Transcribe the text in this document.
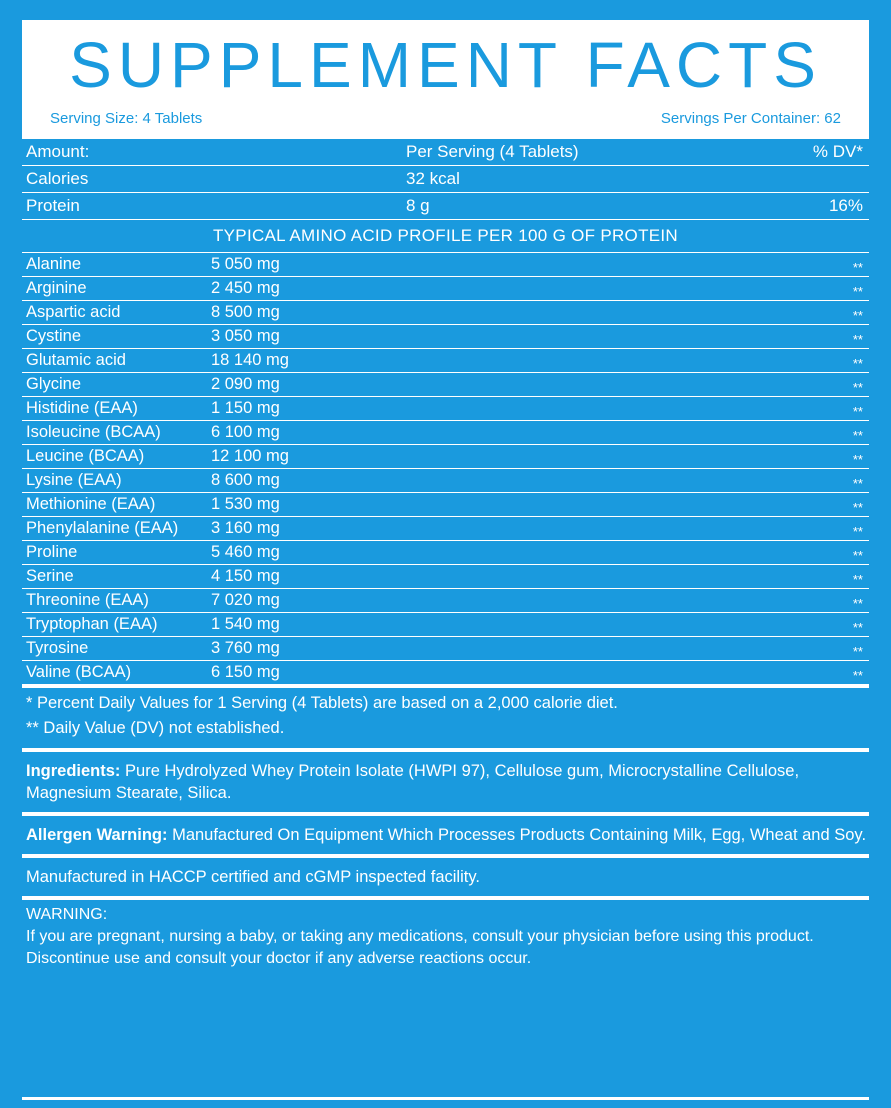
SUPPLEMENT FACTS
Serving Size: 4 Tablets	Servings Per Container: 62
Amount:	Per Serving (4 Tablets)	% DV*
Calories	32 kcal
Protein	8 g	16%
TYPICAL AMINO ACID PROFILE PER 100 G OF PROTEIN
Alanine	5 050 mg	**
Arginine	2 450 mg	**
Aspartic acid	8 500 mg	**
Cystine	3 050 mg	**
Glutamic acid	18 140 mg	**
Glycine	2 090 mg	**
Histidine (EAA)	1 150 mg	**
Isoleucine (BCAA)	6 100 mg	**
Leucine (BCAA)	12 100 mg	**
Lysine (EAA)	8 600 mg	**
Methionine (EAA)	1 530 mg	**
Phenylalanine (EAA)	3 160 mg	**
Proline	5 460 mg	**
Serine	4 150 mg	**
Threonine (EAA)	7 020 mg	**
Tryptophan (EAA)	1 540 mg	**
Tyrosine	3 760 mg	**
Valine (BCAA)	6 150 mg	**
* Percent Daily Values for 1 Serving (4 Tablets) are based on a 2,000 calorie diet.
** Daily Value (DV) not established.
Ingredients: Pure Hydrolyzed Whey Protein Isolate (HWPI 97), Cellulose gum, Microcrystalline Cellulose, Magnesium Stearate, Silica.
Allergen Warning: Manufactured On Equipment Which Processes Products Containing Milk, Egg, Wheat and Soy.
Manufactured in HACCP certified and cGMP inspected facility.
WARNING:
If you are pregnant, nursing a baby, or taking any medications, consult your physician before using this product. Discontinue use and consult your doctor if any adverse reactions occur.
